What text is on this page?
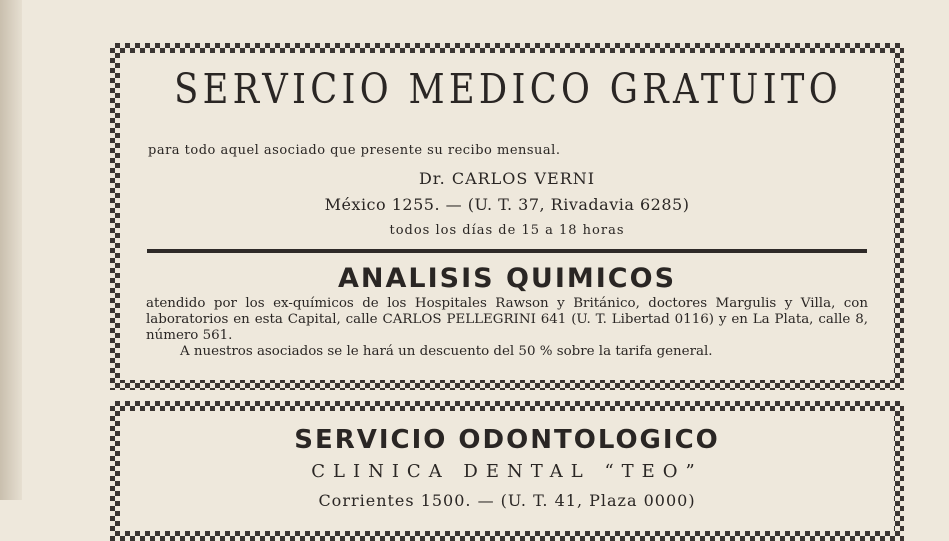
SERVICIO MEDICO GRATUITO
para todo aquel asociado que presente su recibo mensual.
Dr. CARLOS VERNI
México 1255. — (U. T. 37, Rivadavia 6285)
todos los días de 15 a 18 horas
ANALISIS QUIMICOS

atendido por los ex-químicos de los Hospitales Rawson y Británico, doctores Margulis y Villa, con laboratorios en esta Capital, calle CARLOS PELLEGRINI 641 (U. T. Libertad 0116) y en La Plata, calle 8, número 561.

A nuestros asociados se le hará un descuento del 50 % sobre la tarifa general.

SERVICIO ODONTOLOGICO
CLINICA DENTAL “TEO”
Corrientes 1500. — (U. T. 41, Plaza 0000)
